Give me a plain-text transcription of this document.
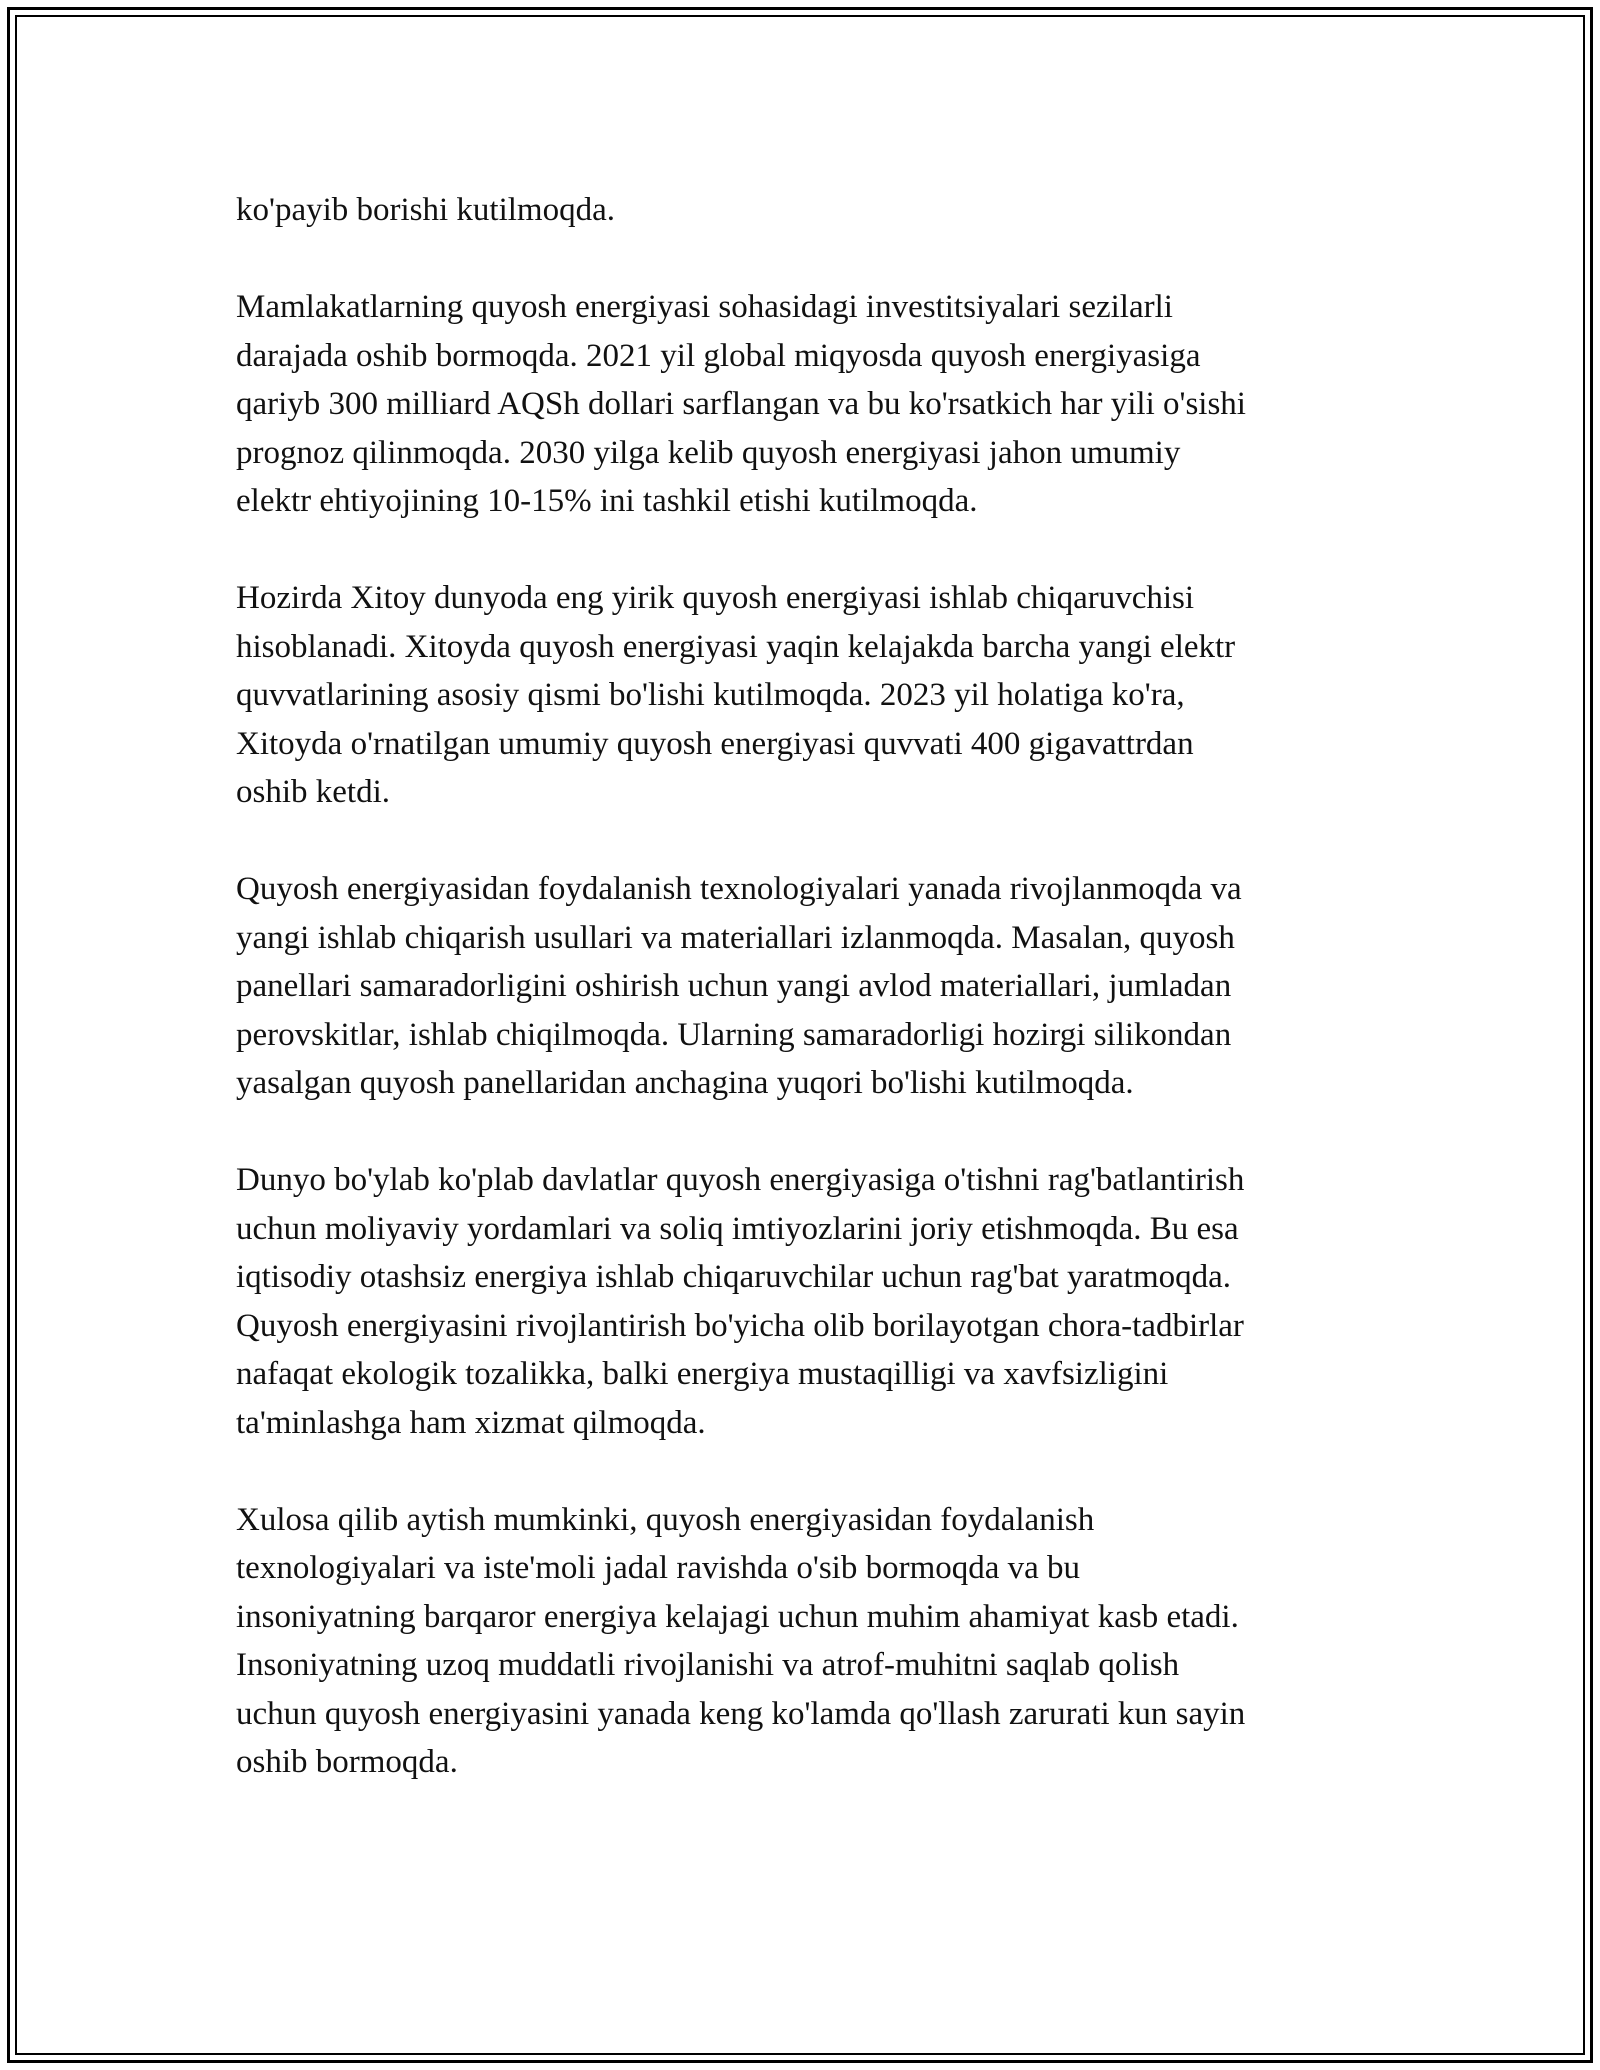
ko'payib borishi kutilmoqda.

Mamlakatlarning quyosh energiyasi sohasidagi investitsiyalari sezilarli
darajada oshib bormoqda. 2021 yil global miqyosda quyosh energiyasiga
qariyb 300 milliard AQSh dollari sarflangan va bu ko'rsatkich har yili o'sishi
prognoz qilinmoqda. 2030 yilga kelib quyosh energiyasi jahon umumiy
elektr ehtiyojining 10-15% ini tashkil etishi kutilmoqda.

Hozirda Xitoy dunyoda eng yirik quyosh energiyasi ishlab chiqaruvchisi
hisoblanadi. Xitoyda quyosh energiyasi yaqin kelajakda barcha yangi elektr
quvvatlarining asosiy qismi bo'lishi kutilmoqda. 2023 yil holatiga ko'ra,
Xitoyda o'rnatilgan umumiy quyosh energiyasi quvvati 400 gigavattrdan
oshib ketdi.

Quyosh energiyasidan foydalanish texnologiyalari yanada rivojlanmoqda va
yangi ishlab chiqarish usullari va materiallari izlanmoqda. Masalan, quyosh
panellari samaradorligini oshirish uchun yangi avlod materiallari, jumladan
perovskitlar, ishlab chiqilmoqda. Ularning samaradorligi hozirgi silikondan
yasalgan quyosh panellaridan anchagina yuqori bo'lishi kutilmoqda.

Dunyo bo'ylab ko'plab davlatlar quyosh energiyasiga o'tishni rag'batlantirish
uchun moliyaviy yordamlari va soliq imtiyozlarini joriy etishmoqda. Bu esa
iqtisodiy otashsiz energiya ishlab chiqaruvchilar uchun rag'bat yaratmoqda.
Quyosh energiyasini rivojlantirish bo'yicha olib borilayotgan chora-tadbirlar
nafaqat ekologik tozalikka, balki energiya mustaqilligi va xavfsizligini
ta'minlashga ham xizmat qilmoqda.

Xulosa qilib aytish mumkinki, quyosh energiyasidan foydalanish
texnologiyalari va iste'moli jadal ravishda o'sib bormoqda va bu
insoniyatning barqaror energiya kelajagi uchun muhim ahamiyat kasb etadi.
Insoniyatning uzoq muddatli rivojlanishi va atrof-muhitni saqlab qolish
uchun quyosh energiyasini yanada keng ko'lamda qo'llash zarurati kun sayin
oshib bormoqda.
